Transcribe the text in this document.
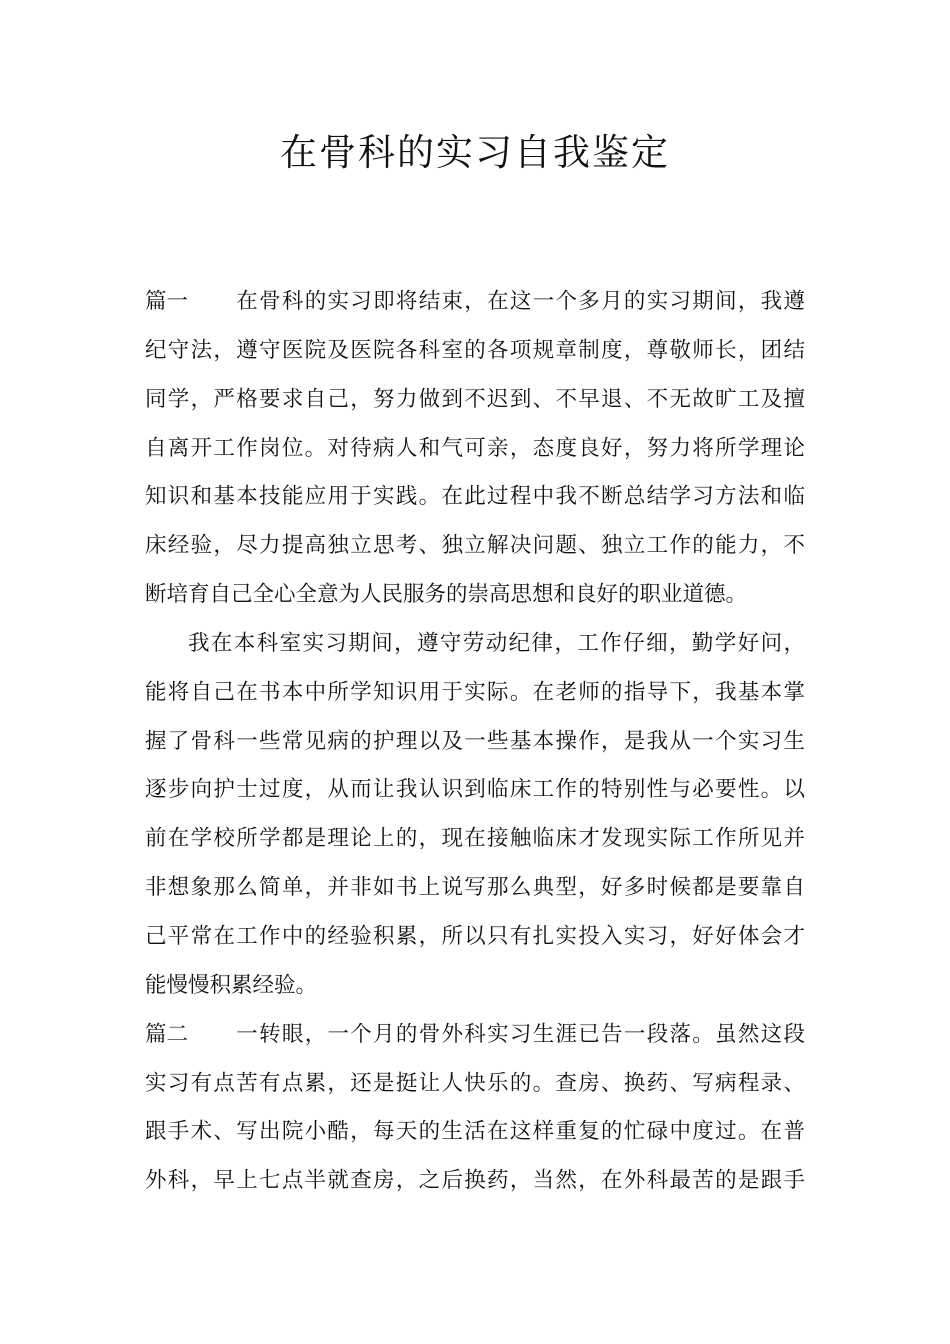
在骨科的实习自我鉴定
篇一 在骨科的实习即将结束，在这一个多月的实习期间，我遵
纪守法，遵守医院及医院各科室的各项规章制度，尊敬师长，团结
同学，严格要求自己，努力做到不迟到、不早退、不无故旷工及擅
自离开工作岗位。对待病人和气可亲，态度良好，努力将所学理论
知识和基本技能应用于实践。在此过程中我不断总结学习方法和临
床经验，尽力提高独立思考、独立解决问题、独立工作的能力，不
断培育自己全心全意为人民服务的崇高思想和良好的职业道德。
我在本科室实习期间，遵守劳动纪律，工作仔细，勤学好问，
能将自己在书本中所学知识用于实际。在老师的指导下，我基本掌
握了骨科一些常见病的护理以及一些基本操作，是我从一个实习生
逐步向护士过度，从而让我认识到临床工作的特别性与必要性。以
前在学校所学都是理论上的，现在接触临床才发现实际工作所见并
非想象那么简单，并非如书上说写那么典型，好多时候都是要靠自
己平常在工作中的经验积累，所以只有扎实投入实习，好好体会才
能慢慢积累经验。
篇二 一转眼，一个月的骨外科实习生涯已告一段落。虽然这段
实习有点苦有点累，还是挺让人快乐的。查房、换药、写病程录、
跟手术、写出院小酷，每天的生活在这样重复的忙碌中度过。在普
外科，早上七点半就查房，之后换药，当然，在外科最苦的是跟手
